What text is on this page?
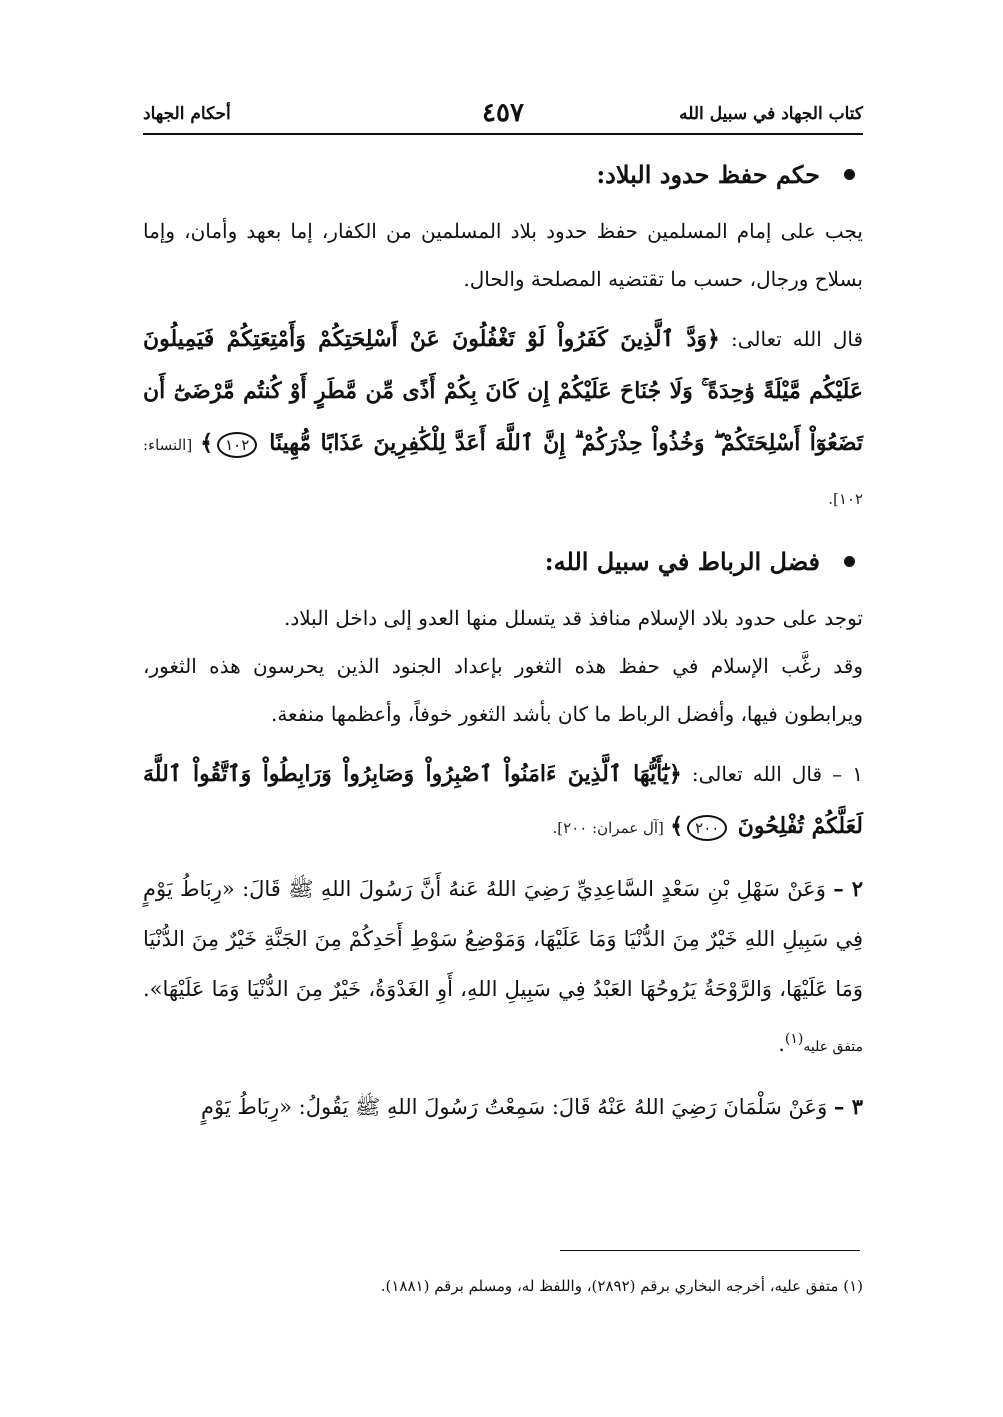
كتاب الجهاد في سبيل الله
٤٥٧
أحكام الجهاد
حكم حفظ حدود البلاد:

يجب على إمام المسلمين حفظ حدود بلاد المسلمين من الكفار، إما بعهد وأمان، وإما بسلاح ورجال، حسب ما تقتضيه المصلحة والحال.

قال الله تعالى: ﴿وَدَّ ٱلَّذِينَ كَفَرُواْ لَوْ تَغْفُلُونَ عَنْ أَسْلِحَتِكُمْ وَأَمْتِعَتِكُمْ فَيَمِيلُونَ عَلَيْكُم مَّيْلَةً وَٰحِدَةً ۚ وَلَا جُنَاحَ عَلَيْكُمْ إِن كَانَ بِكُمْ أَذًى مِّن مَّطَرٍ أَوْ كُنتُم مَّرْضَىٰٓ أَن تَضَعُوٓاْ أَسْلِحَتَكُمْ ۖ وَخُذُواْ حِذْرَكُمْ ۗ إِنَّ ٱللَّهَ أَعَدَّ لِلْكَٰفِرِينَ عَذَابًا مُّهِينًا ١٠٢﴾ [النساء: ١٠٢].

فضل الرباط في سبيل الله:

توجد على حدود بلاد الإسلام منافذ قد يتسلل منها العدو إلى داخل البلاد.

وقد رغَّب الإسلام في حفظ هذه الثغور بإعداد الجنود الذين يحرسون هذه الثغور، ويرابطون فيها، وأفضل الرباط ما كان بأشد الثغور خوفاً، وأعظمها منفعة.

١ – قال الله تعالى: ﴿يَٰٓأَيُّهَا ٱلَّذِينَ ءَامَنُواْ ٱصْبِرُواْ وَصَابِرُواْ وَرَابِطُواْ وَٱتَّقُواْ ٱللَّهَ لَعَلَّكُمْ تُفْلِحُونَ ٢٠٠﴾ [آل عمران: ٢٠٠].

٢ – وَعَنْ سَهْلِ بْنِ سَعْدٍ السَّاعِدِيِّ رَضِيَ اللهُ عَنهُ أَنَّ رَسُولَ اللهِ ﷺ قَالَ: «رِبَاطُ يَوْمٍ فِي سَبِيلِ اللهِ خَيْرٌ مِنَ الدُّنْيَا وَمَا عَلَيْهَا، وَمَوْضِعُ سَوْطِ أَحَدِكُمْ مِنَ الجَنَّةِ خَيْرٌ مِنَ الدُّنْيَا وَمَا عَلَيْهَا، وَالرَّوْحَةُ يَرُوحُهَا العَبْدُ فِي سَبِيلِ اللهِ، أَوِ الغَدْوَةُ، خَيْرٌ مِنَ الدُّنْيَا وَمَا عَلَيْهَا». متفق عليه$^{(١)}$.

٣ – وَعَنْ سَلْمَانَ رَضِيَ اللهُ عَنْهُ قَالَ: سَمِعْتُ رَسُولَ اللهِ ﷺ يَقُولُ: «رِبَاطُ يَوْمٍ

(١) متفق عليه، أخرجه البخاري برقم (٢٨٩٢)، واللفظ له، ومسلم برقم (١٨٨١).
